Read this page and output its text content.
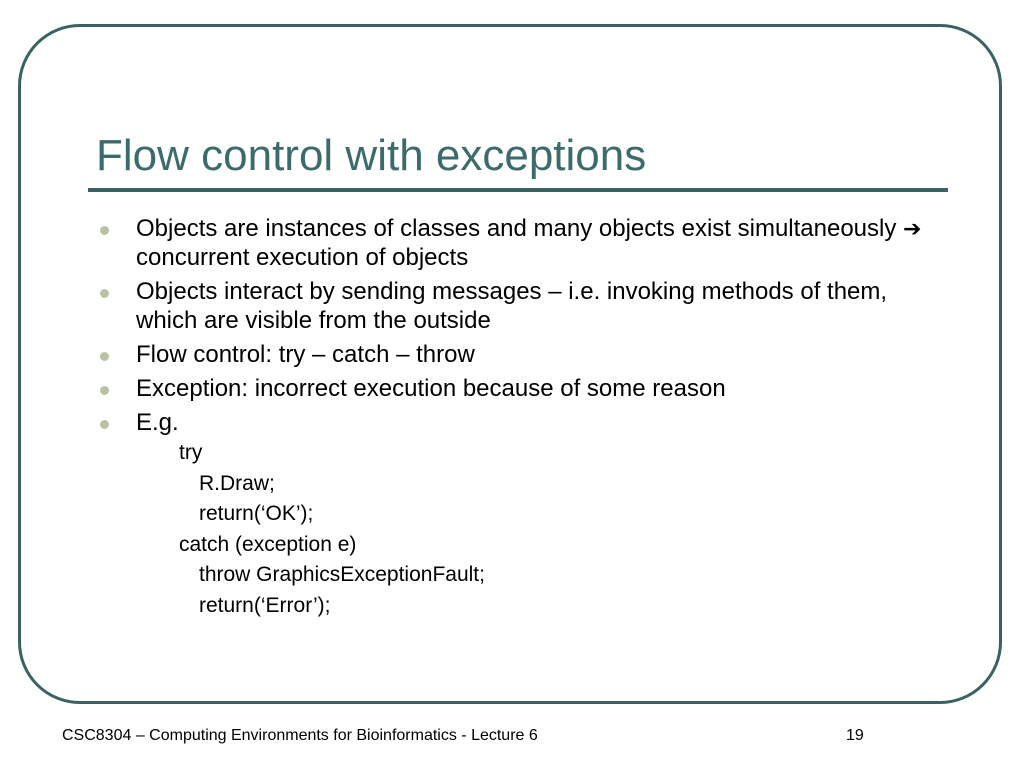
Flow control with exceptions
Objects are instances of classes and many objects exist simultaneously ➔ concurrent execution of objects
Objects interact by sending messages – i.e. invoking methods of them, which are visible from the outside
Flow control: try – catch – throw
Exception: incorrect execution because of some reason
E.g.
try
R.Draw;
return(‘OK’);
catch (exception e)
throw GraphicsExceptionFault;
return(‘Error’);
CSC8304 – Computing Environments for Bioinformatics - Lecture 6	19
